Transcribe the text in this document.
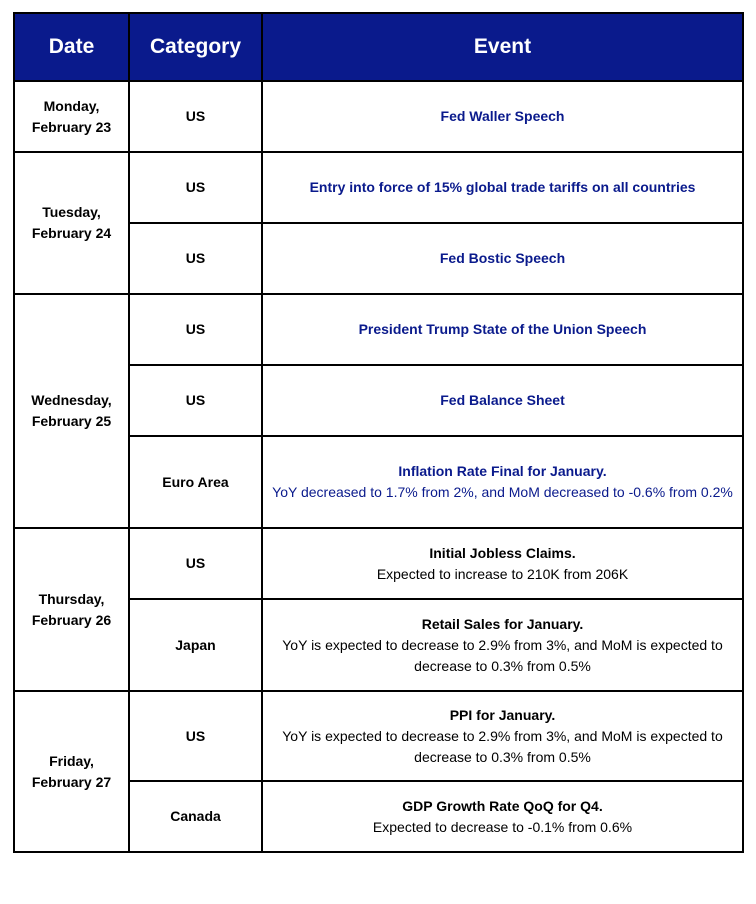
Date	Category	Event
Monday,
February 23	US	Fed Waller Speech

Tuesday,
February 24	US	Entry into force of 15% global trade tariffs on all countries

	US	Fed Bostic Speech

Wednesday,
February 25	US	President Trump State of the Union Speech

	US	Fed Balance Sheet

	Euro Area	Inflation Rate Final for January.
YoY decreased to 1.7% from 2%, and MoM decreased to -0.6% from 0.2%

Thursday,
February 26	US	Initial Jobless Claims.
Expected to increase to 210K from 206K

	Japan	Retail Sales for January.
YoY is expected to decrease to 2.9% from 3%, and MoM is expected to decrease to 0.3% from 0.5%

Friday,
February 27	US	PPI for January.
YoY is expected to decrease to 2.9% from 3%, and MoM is expected to decrease to 0.3% from 0.5%

	Canada	GDP Growth Rate QoQ for Q4.
Expected to decrease to -0.1% from 0.6%
